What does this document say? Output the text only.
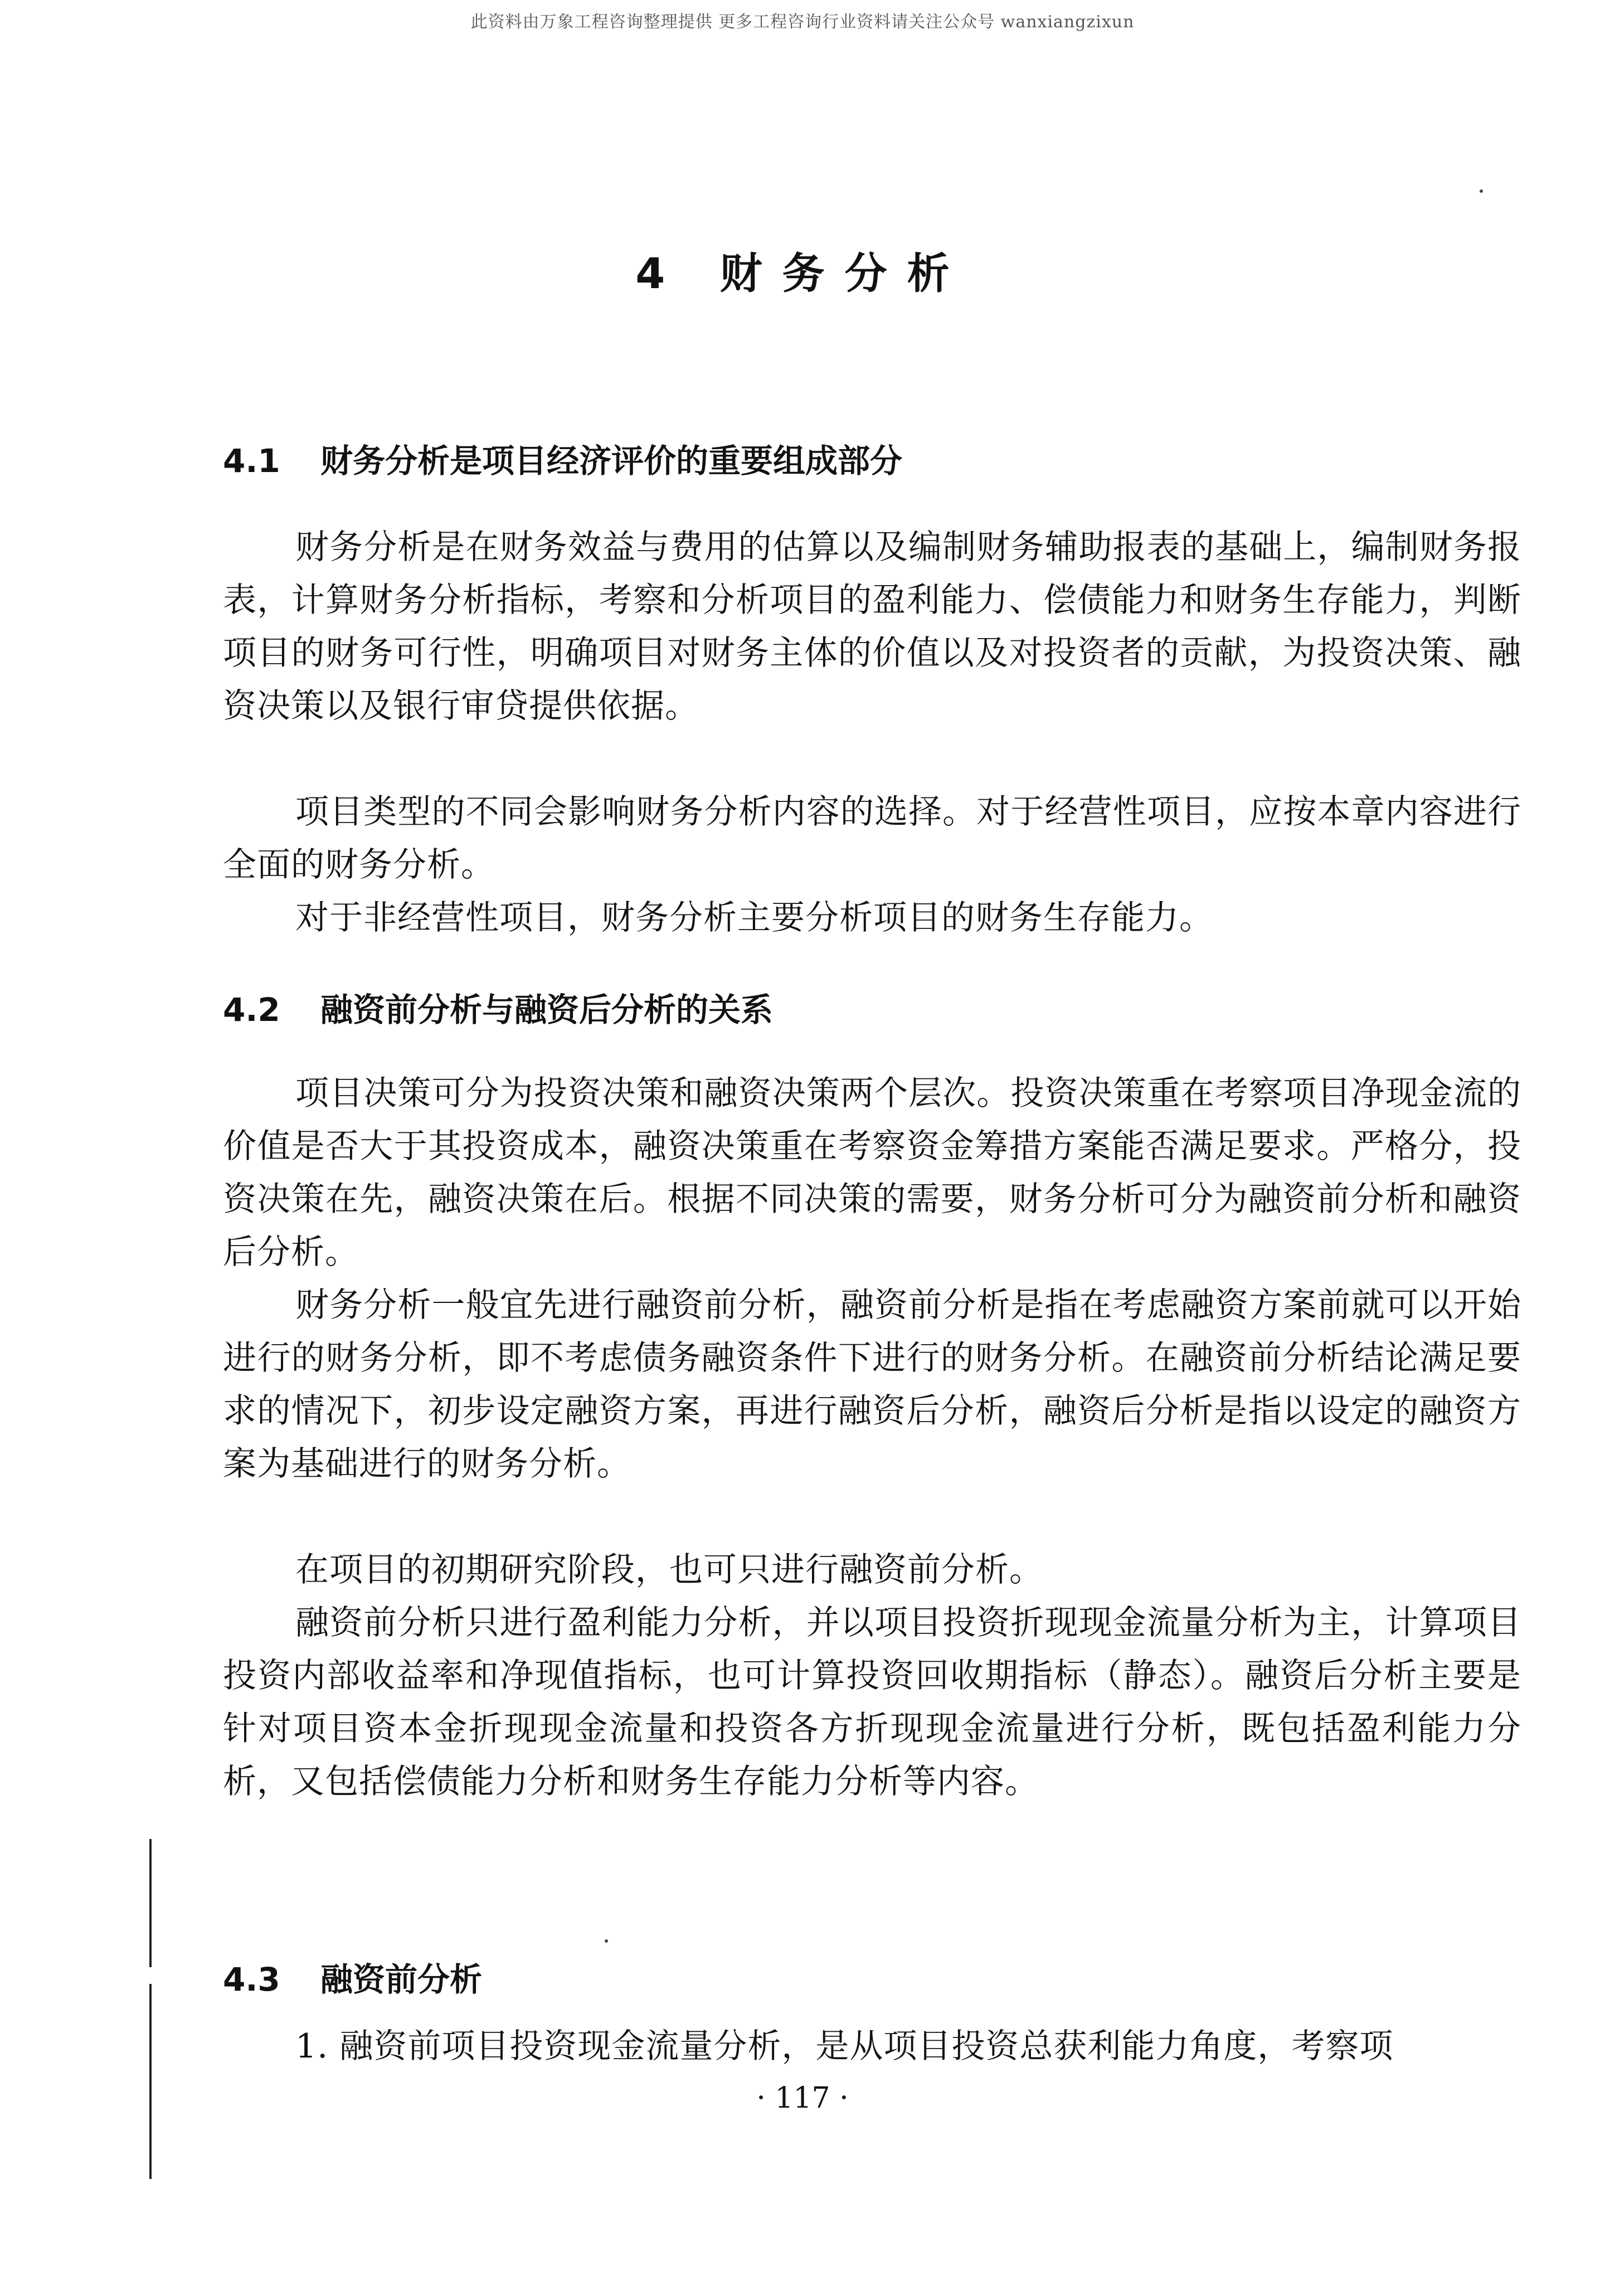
此资料由万象工程咨询整理提供 更多工程咨询行业资料请关注公众号 wanxiangzixun
4 财务分析
4.1 财务分析是项目经济评价的重要组成部分
财务分析是在财务效益与费用的估算以及编制财务辅助报表的基础上，编制财务报表，计算财务分析指标，考察和分析项目的盈利能力、偿债能力和财务生存能力，判断项目的财务可行性，明确项目对财务主体的价值以及对投资者的贡献，为投资决策、融资决策以及银行审贷提供依据。
项目类型的不同会影响财务分析内容的选择。对于经营性项目，应按本章内容进行全面的财务分析。
对于非经营性项目，财务分析主要分析项目的财务生存能力。
4.2 融资前分析与融资后分析的关系
项目决策可分为投资决策和融资决策两个层次。投资决策重在考察项目净现金流的价值是否大于其投资成本，融资决策重在考察资金筹措方案能否满足要求。严格分，投资决策在先，融资决策在后。根据不同决策的需要，财务分析可分为融资前分析和融资后分析。
财务分析一般宜先进行融资前分析，融资前分析是指在考虑融资方案前就可以开始进行的财务分析，即不考虑债务融资条件下进行的财务分析。在融资前分析结论满足要求的情况下，初步设定融资方案，再进行融资后分析，融资后分析是指以设定的融资方案为基础进行的财务分析。
在项目的初期研究阶段，也可只进行融资前分析。
融资前分析只进行盈利能力分析，并以项目投资折现现金流量分析为主，计算项目投资内部收益率和净现值指标，也可计算投资回收期指标（静态）。融资后分析主要是针对项目资本金折现现金流量和投资各方折现现金流量进行分析，既包括盈利能力分析，又包括偿债能力分析和财务生存能力分析等内容。
4.3 融资前分析
1. 融资前项目投资现金流量分析，是从项目投资总获利能力角度，考察项
· 117 ·
